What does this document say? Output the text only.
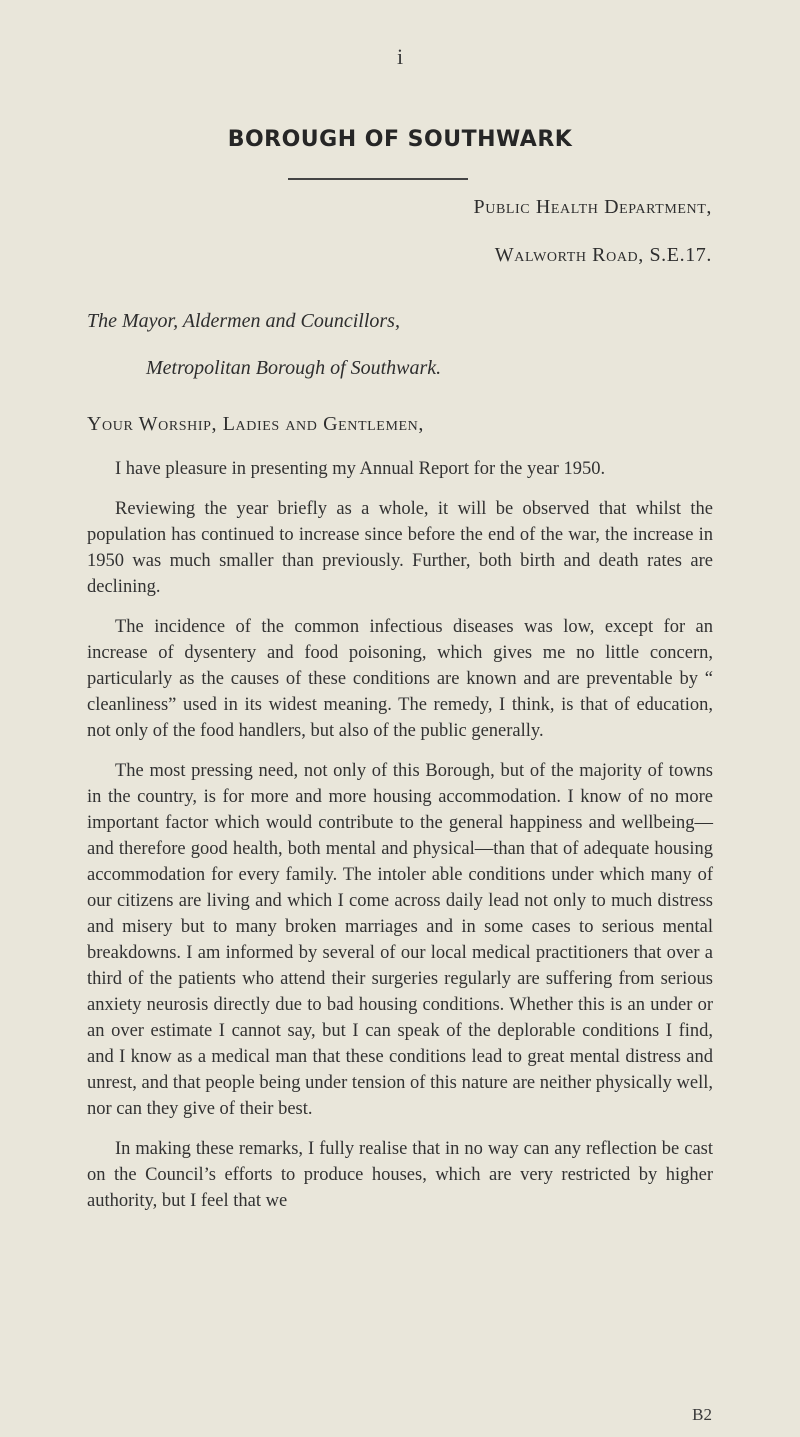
i
BOROUGH OF SOUTHWARK
Public Health Department,
Walworth Road, S.E.17.
The Mayor, Aldermen and Councillors,
Metropolitan Borough of Southwark.
Your Worship, Ladies and Gentlemen,

I have pleasure in presenting my Annual Report for the year 1950.

Reviewing the year briefly as a whole, it will be observed that whilst the population has continued to increase since before the end of the war, the increase in 1950 was much smaller than previously. Further, both birth and death rates are declining.

The incidence of the common infectious diseases was low, except for an increase of dysentery and food poisoning, which gives me no little concern, particularly as the causes of these conditions are known and are preventable by “ cleanliness” used in its widest meaning. The remedy, I think, is that of education, not only of the food handlers, but also of the public generally.

The most pressing need, not only of this Borough, but of the majority of towns in the country, is for more and more housing accommodation. I know of no more important factor which would contribute to the general happiness and wellbeing—and therefore good health, both mental and physical—than that of adequate housing accommodation for every family. The intoler able conditions under which many of our citizens are living and which I come across daily lead not only to much distress and misery but to many broken marriages and in some cases to serious mental breakdowns. I am informed by several of our local medical practitioners that over a third of the patients who attend their surgeries regularly are suffering from serious anxiety neurosis directly due to bad housing conditions. Whether this is an under or an over estimate I cannot say, but I can speak of the deplorable conditions I find, and I know as a medical man that these conditions lead to great mental distress and unrest, and that people being under tension of this nature are neither physically well, nor can they give of their best.

In making these remarks, I fully realise that in no way can any reflection be cast on the Council’s efforts to produce houses, which are very restricted by higher authority, but I feel that we

B2
